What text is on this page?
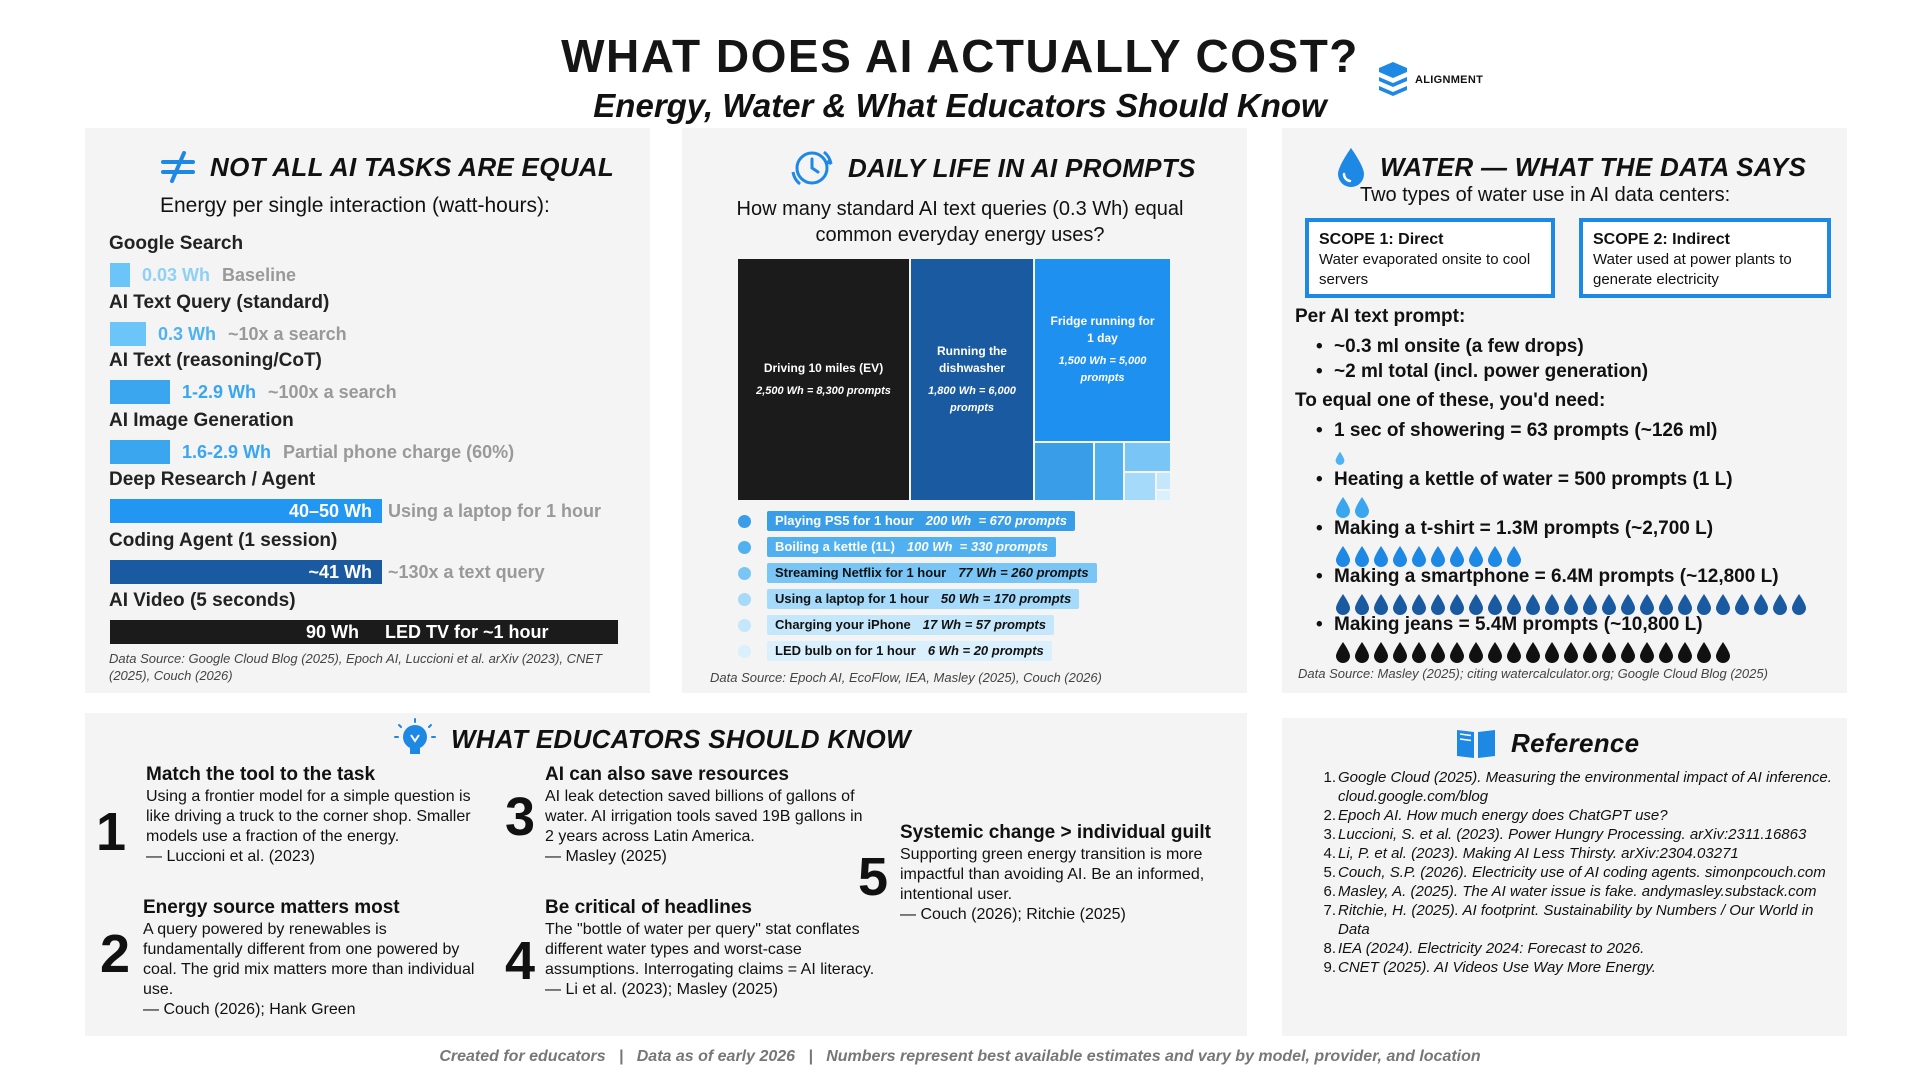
WHAT DOES AI ACTUALLY COST?
Energy, Water & What Educators Should Know
ALIGNMENT
NOT ALL AI TASKS ARE EQUAL
Energy per single interaction (watt-hours):
Google Search
0.03 Wh Baseline
AI Text Query (standard)
0.3 Wh ~10x a search
AI Text (reasoning/CoT)
1-2.9 Wh ~100x a search
AI Image Generation
1.6-2.9 Wh Partial phone charge (60%)
Deep Research / Agent
40–50 Wh Using a laptop for 1 hour
Coding Agent (1 session)
~41 Wh ~130x a text query
AI Video (5 seconds)
90 Wh LED TV for ~1 hour
Data Source: Google Cloud Blog (2025), Epoch AI, Luccioni et al. arXiv (2023), CNET (2025), Couch (2026)
DAILY LIFE IN AI PROMPTS
How many standard AI text queries (0.3 Wh) equal common everyday energy uses?
Driving 10 miles (EV)
2,500 Wh = 8,300 prompts
Running the dishwasher
1,800 Wh = 6,000 prompts
Fridge running for 1 day
1,500 Wh = 5,000 prompts
Playing PS5 for 1 hour 200 Wh  = 670 prompts
Boiling a kettle (1L) 100 Wh  = 330 prompts
Streaming Netflix for 1 hour 77 Wh = 260 prompts
Using a laptop for 1 hour 50 Wh = 170 prompts
Charging your iPhone 17 Wh = 57 prompts
LED bulb on for 1 hour 6 Wh = 20 prompts
Data Source: Epoch AI, EcoFlow, IEA, Masley (2025), Couch (2026)
WATER — WHAT THE DATA SAYS
Two types of water use in AI data centers:
SCOPE 1: Direct
Water evaporated onsite to cool servers
SCOPE 2: Indirect
Water used at power plants to generate electricity
Per AI text prompt:
• ~0.3 ml onsite (a few drops)
• ~2 ml total (incl. power generation)
To equal one of these, you'd need:
• 1 sec of showering = 63 prompts (~126 ml)
• Heating a kettle of water = 500 prompts (1 L)
• Making a t-shirt = 1.3M prompts (~2,700 L)
• Making a smartphone = 6.4M prompts (~12,800 L)
• Making jeans = 5.4M prompts (~10,800 L)
Data Source: Masley (2025); citing watercalculator.org; Google Cloud Blog (2025)
WHAT EDUCATORS SHOULD KNOW
1
Match the tool to the task
Using a frontier model for a simple question is like driving a truck to the corner shop. Smaller models use a fraction of the energy.
— Luccioni et al. (2023)
2
Energy source matters most
A query powered by renewables is fundamentally different from one powered by coal. The grid mix matters more than individual use.
— Couch (2026); Hank Green
3
AI can also save resources
AI leak detection saved billions of gallons of water. AI irrigation tools saved 19B gallons in 2 years across Latin America.
— Masley (2025)
4
Be critical of headlines
The "bottle of water per query" stat conflates different water types and worst-case assumptions. Interrogating claims = AI literacy.
— Li et al. (2023); Masley (2025)
5
Systemic change > individual guilt
Supporting green energy transition is more impactful than avoiding AI. Be an informed, intentional user.
— Couch (2026); Ritchie (2025)
Reference
1. Google Cloud (2025). Measuring the environmental impact of AI inference. cloud.google.com/blog
2. Epoch AI. How much energy does ChatGPT use?
3. Luccioni, S. et al. (2023). Power Hungry Processing. arXiv:2311.16863
4. Li, P. et al. (2023). Making AI Less Thirsty. arXiv:2304.03271
5. Couch, S.P. (2026). Electricity use of AI coding agents. simonpcouch.com
6. Masley, A. (2025). The AI water issue is fake. andymasley.substack.com
7. Ritchie, H. (2025). AI footprint. Sustainability by Numbers / Our World in Data
8. IEA (2024). Electricity 2024: Forecast to 2026.
9. CNET (2025). AI Videos Use Way More Energy.
Created for educators   |   Data as of early 2026   |   Numbers represent best available estimates and vary by model, provider, and location
